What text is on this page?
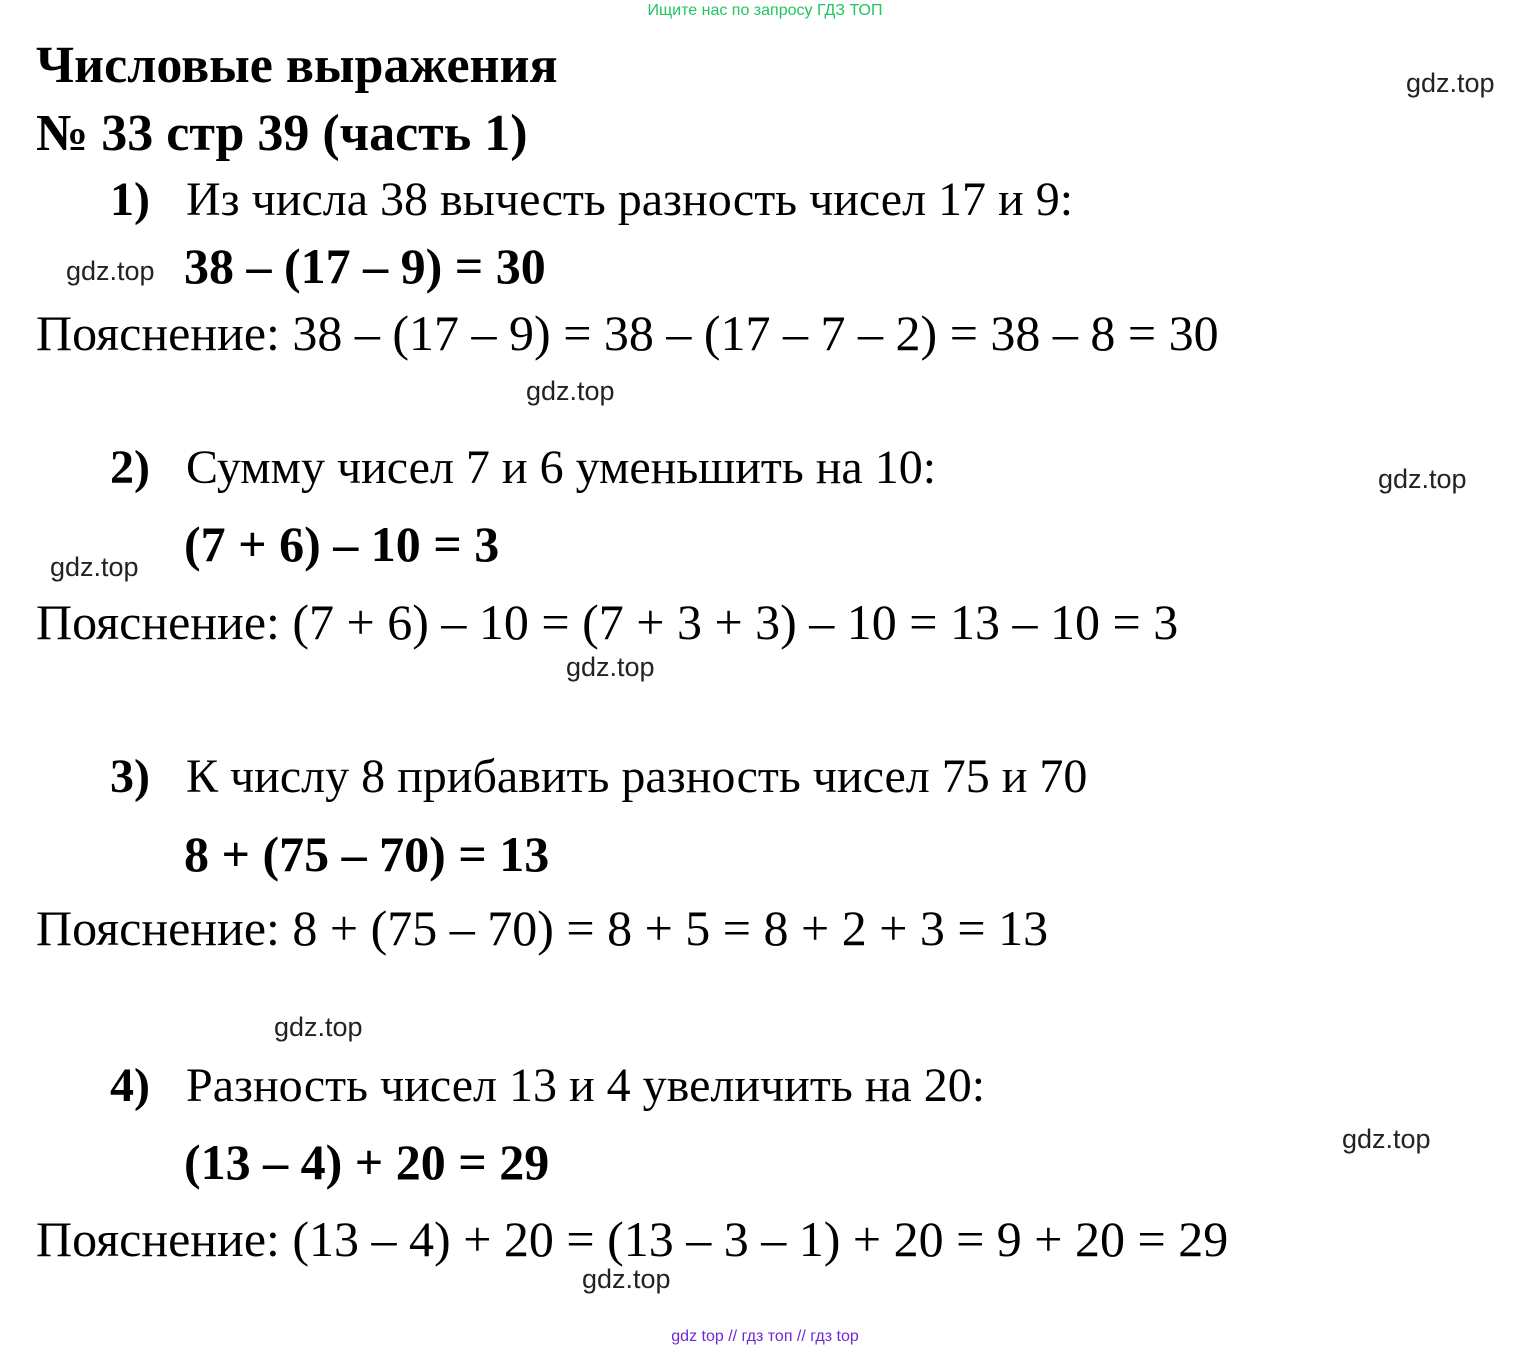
Ищите нас по запросу ГДЗ ТОП
Числовые выражения
№ 33 стр 39 (часть 1)
1) Из числа 38 вычесть разность чисел 17 и 9:
38 – (17 – 9) = 30
Пояснение: 38 – (17 – 9) = 38 – (17 – 7 – 2) = 38 – 8 = 30
2) Сумму чисел 7 и 6 уменьшить на 10:
(7 + 6) – 10 = 3
Пояснение: (7 + 6) – 10 = (7 + 3 + 3) – 10 = 13 – 10 = 3
3) К числу 8 прибавить разность чисел 75 и 70
8 + (75 – 70) = 13
Пояснение: 8 + (75 – 70) = 8 + 5 = 8 + 2 + 3 = 13
4) Разность чисел 13 и 4 увеличить на 20:
(13 – 4) + 20 = 29
Пояснение: (13 – 4) + 20 = (13 – 3 – 1) + 20 = 9 + 20 = 29
gdz.top
gdz.top
gdz.top
gdz.top
gdz.top
gdz.top
gdz.top
gdz.top
gdz.top
gdz top // гдз топ // гдз top
